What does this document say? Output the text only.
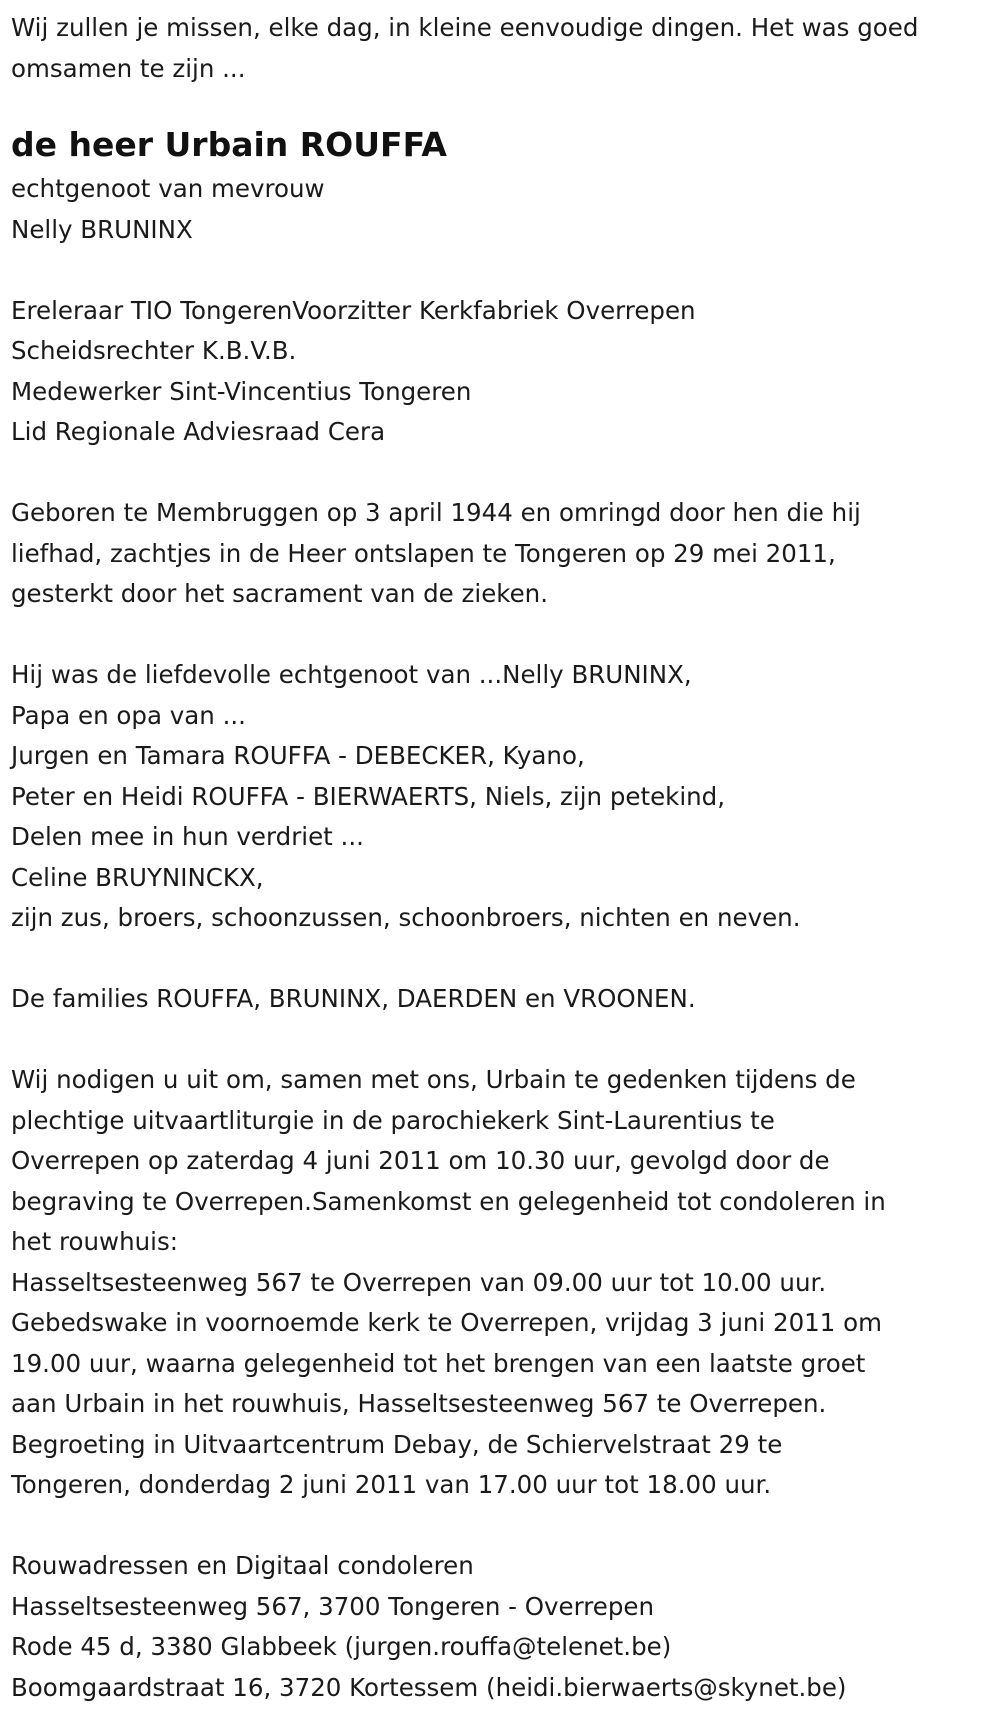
Wij zullen je missen, elke dag, in kleine eenvoudige dingen. Het was goed

omsamen te zijn ...

de heer Urbain ROUFFA

echtgenoot van mevrouw

Nelly BRUNINX

Ereleraar TIO TongerenVoorzitter Kerkfabriek Overrepen

Scheidsrechter K.B.V.B.

Medewerker Sint-Vincentius Tongeren

Lid Regionale Adviesraad Cera

Geboren te Membruggen op 3 april 1944 en omringd door hen die hij

liefhad, zachtjes in de Heer ontslapen te Tongeren op 29 mei 2011,

gesterkt door het sacrament van de zieken.

Hij was de liefdevolle echtgenoot van ...Nelly BRUNINX,

Papa en opa van ...

Jurgen en Tamara ROUFFA - DEBECKER, Kyano,

Peter en Heidi ROUFFA - BIERWAERTS, Niels, zijn petekind,

Delen mee in hun verdriet ...

Celine BRUYNINCKX,

zijn zus, broers, schoonzussen, schoonbroers, nichten en neven.

De families ROUFFA, BRUNINX, DAERDEN en VROONEN.

Wij nodigen u uit om, samen met ons, Urbain te gedenken tijdens de

plechtige uitvaartliturgie in de parochiekerk Sint-Laurentius te

Overrepen op zaterdag 4 juni 2011 om 10.30 uur, gevolgd door de

begraving te Overrepen.Samenkomst en gelegenheid tot condoleren in

het rouwhuis:

Hasseltsesteenweg 567 te Overrepen van 09.00 uur tot 10.00 uur.

Gebedswake in voornoemde kerk te Overrepen, vrijdag 3 juni 2011 om

19.00 uur, waarna gelegenheid tot het brengen van een laatste groet

aan Urbain in het rouwhuis, Hasseltsesteenweg 567 te Overrepen.

Begroeting in Uitvaartcentrum Debay, de Schiervelstraat 29 te

Tongeren, donderdag 2 juni 2011 van 17.00 uur tot 18.00 uur.

Rouwadressen en Digitaal condoleren

Hasseltsesteenweg 567, 3700 Tongeren - Overrepen

Rode 45 d, 3380 Glabbeek (jurgen.rouffa@telenet.be)

Boomgaardstraat 16, 3720 Kortessem (heidi.bierwaerts@skynet.be)
